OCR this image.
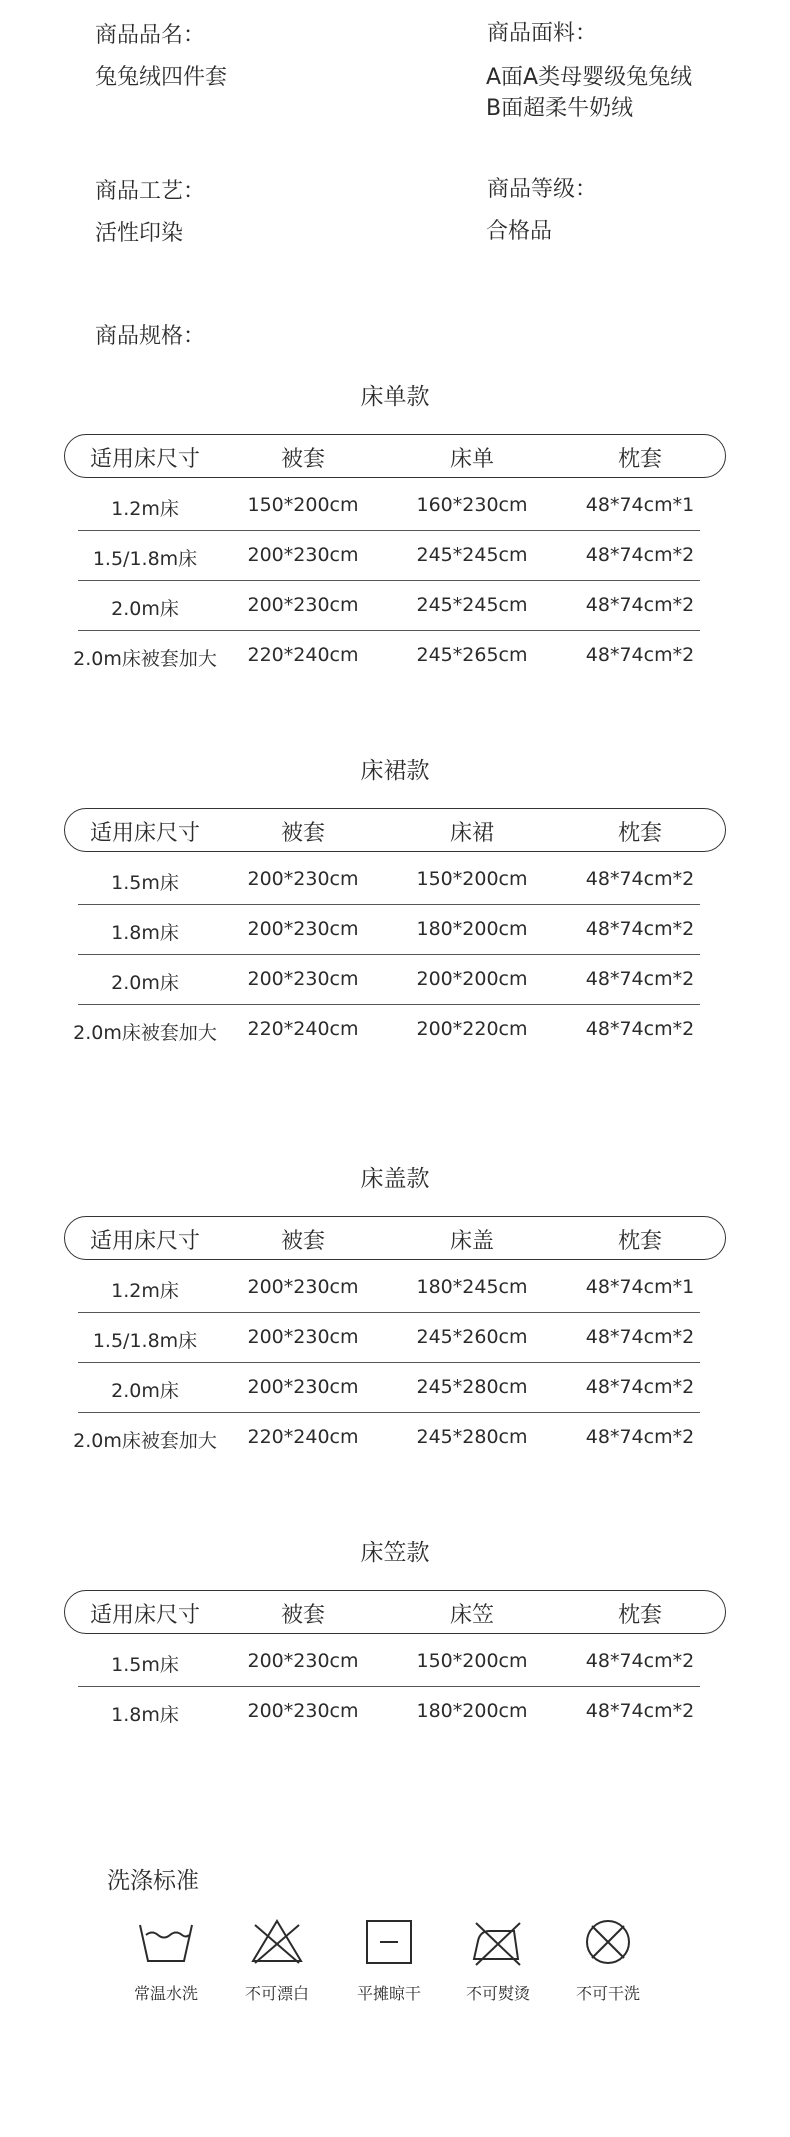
商品品名：
兔兔绒四件套
商品面料：
A面A类母婴级兔兔绒
B面超柔牛奶绒
商品工艺：
活性印染
商品等级：
合格品
商品规格：
床单款
适用床尺寸	被套	床单	枕套
1.2m床	150*200cm	160*230cm	48*74cm*1
1.5/1.8m床	200*230cm	245*245cm	48*74cm*2
2.0m床	200*230cm	245*245cm	48*74cm*2
2.0m床被套加大	220*240cm	245*265cm	48*74cm*2
床裙款
适用床尺寸	被套	床裙	枕套
1.5m床	200*230cm	150*200cm	48*74cm*2
1.8m床	200*230cm	180*200cm	48*74cm*2
2.0m床	200*230cm	200*200cm	48*74cm*2
2.0m床被套加大	220*240cm	200*220cm	48*74cm*2
床盖款
适用床尺寸	被套	床盖	枕套
1.2m床	200*230cm	180*245cm	48*74cm*1
1.5/1.8m床	200*230cm	245*260cm	48*74cm*2
2.0m床	200*230cm	245*280cm	48*74cm*2
2.0m床被套加大	220*240cm	245*280cm	48*74cm*2
床笠款
适用床尺寸	被套	床笠	枕套
1.5m床	200*230cm	150*200cm	48*74cm*2
1.8m床	200*230cm	180*200cm	48*74cm*2
洗涤标准
常温水洗	不可漂白	平摊晾干	不可熨烫	不可干洗
